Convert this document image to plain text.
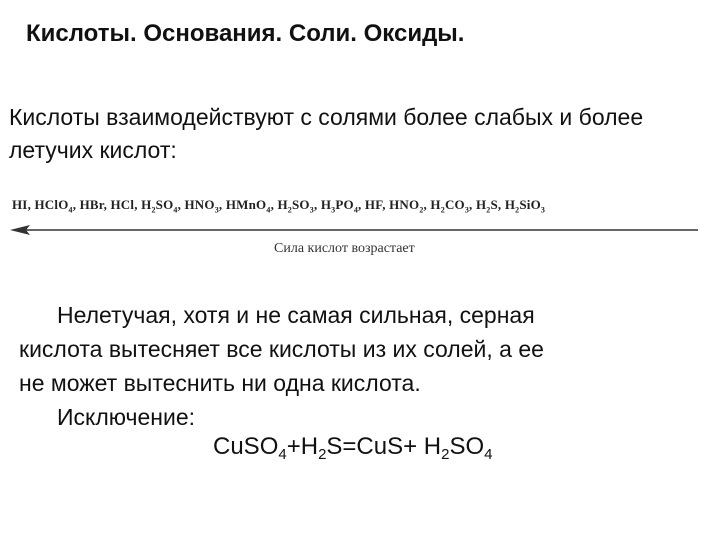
Кислоты. Основания. Соли. Оксиды.

Кислоты взаимодействуют с солями более слабых и более летучих кислот:

HI, HClO$_4$, HBr, HCl, $H_2SO_4$, $HNO_3$, HMnO$_4$, $H_2SO_3$, $H_3PO_4$, HF, $HNO_2$, $H_2CO_3$, $H_2S$, $H_2SiO_3$
Сила кислот возрастает
Нелетучая, хотя и не самая сильная, серная
кислота вытесняет все кислоты из их солей, а ее
не может вытеснить ни одна кислота.
Исключение:
$CuSO_4+H_2S=CuS+ H_2SO_4$
